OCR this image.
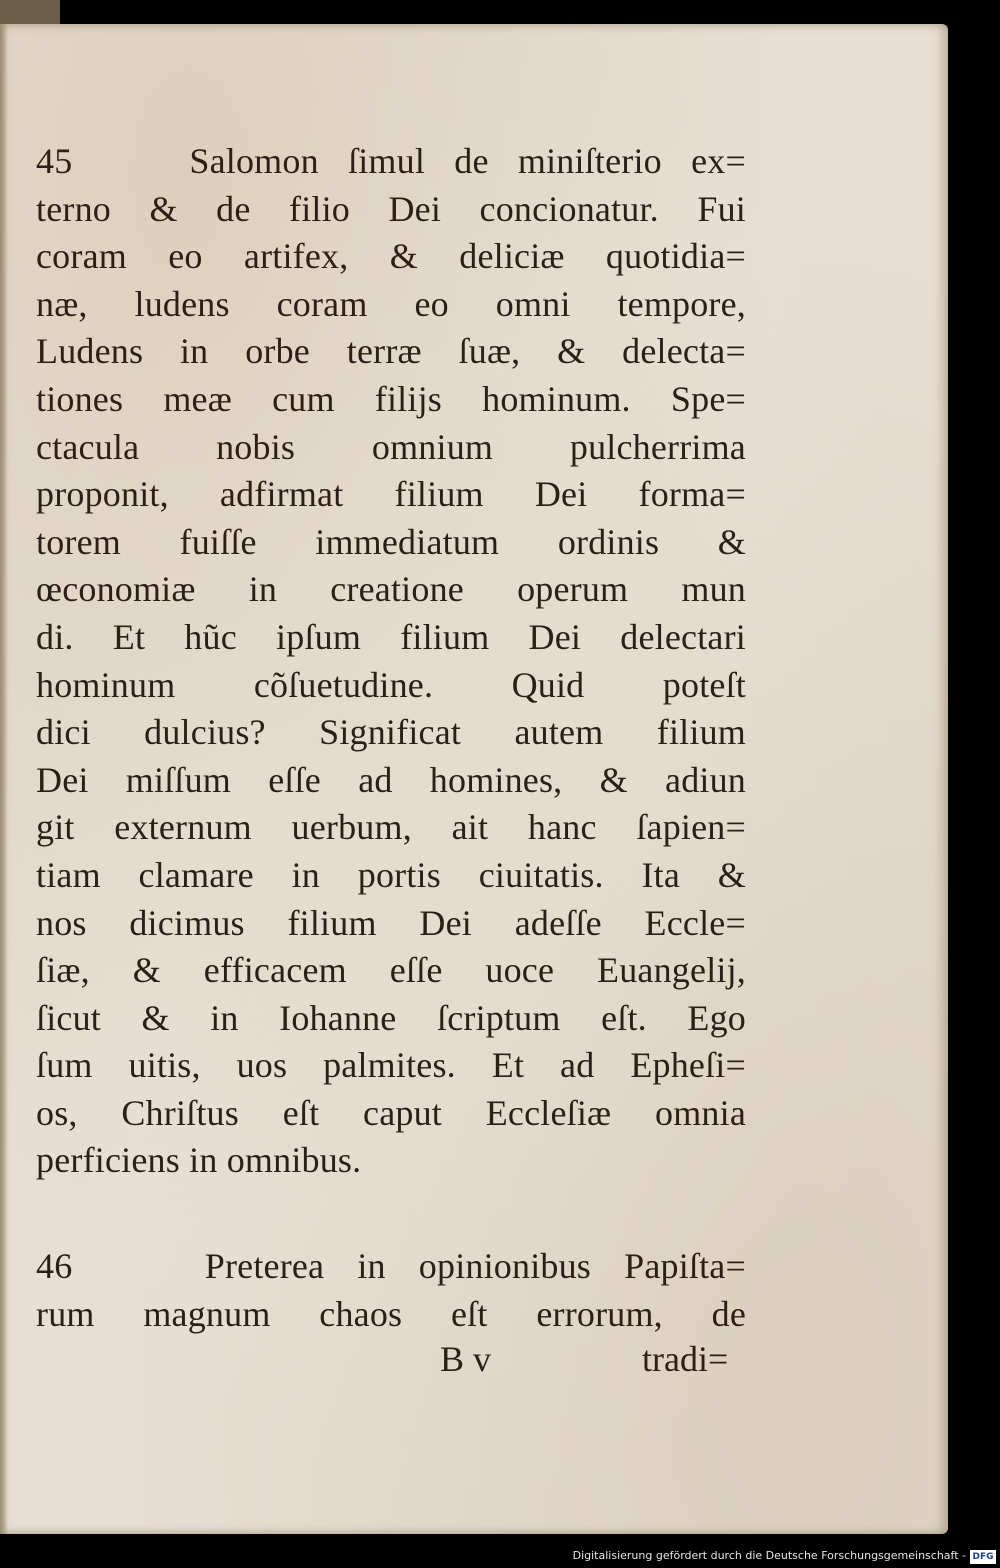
45    Salomon ſimul de miniſterio ex=
terno & de filio Dei concionatur. Fui
coram eo artifex, & deliciæ quotidia=
næ, ludens coram eo omni tempore,
Ludens in orbe terræ ſuæ, & delecta=
tiones meæ cum filijs hominum. Spe=
ctacula nobis omnium pulcherrima
proponit, adfirmat filium Dei forma=
torem fuiſſe immediatum ordinis &
œconomiæ in creatione operum mun
di. Et hũc ipſum filium Dei delectari
hominum cõſuetudine. Quid poteſt
dici dulcius? Significat autem filium
Dei miſſum eſſe ad homines, & adiun
git externum uerbum, ait hanc ſapien=
tiam clamare in portis ciuitatis. Ita &
nos dicimus filium Dei adeſſe Eccle=
ſiæ, & efficacem eſſe uoce Euangelij,
ſicut & in Iohanne ſcriptum eſt. Ego
ſum uitis, uos palmites. Et ad Epheſi=
os, Chriſtus eſt caput Eccleſiæ omnia
perficiens in omnibus.
46    Preterea in opinionibus Papiſta=
rum magnum chaos eſt errorum, de

B v

	tradi=

Digitalisierung gefördert durch die Deutsche Forschungsgemeinschaft - DFG
